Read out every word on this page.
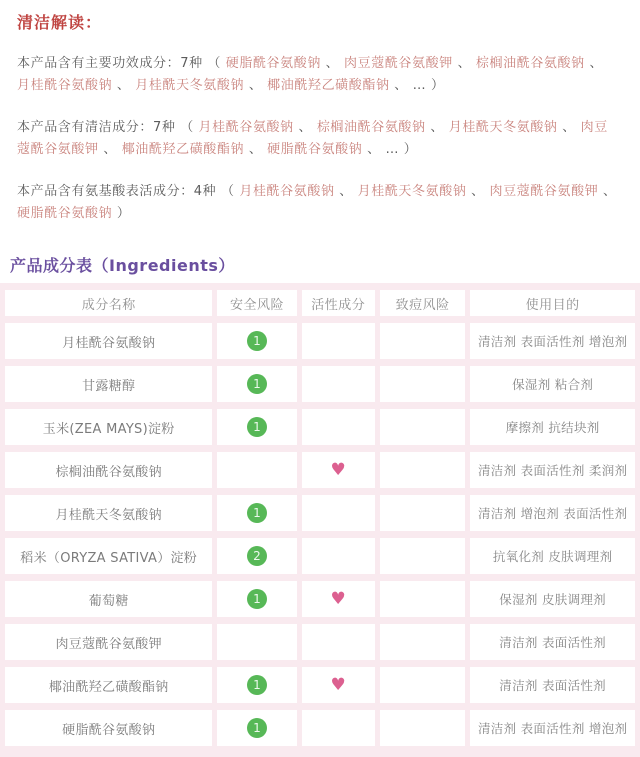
清洁解读：

本产品含有主要功效成分：7种 （ 硬脂酰谷氨酸钠 、 肉豆蔻酰谷氨酸钾 、 棕榈油酰谷氨酸钠 、 月桂酰谷氨酸钠 、 月桂酰天冬氨酸钠 、 椰油酰羟乙磺酸酯钠 、 … ）

本产品含有清洁成分：7种 （ 月桂酰谷氨酸钠 、 棕榈油酰谷氨酸钠 、 月桂酰天冬氨酸钠 、 肉豆蔻酰谷氨酸钾 、 椰油酰羟乙磺酸酯钠 、 硬脂酰谷氨酸钠 、 … ）

本产品含有氨基酸表活成分：4种 （ 月桂酰谷氨酸钠 、 月桂酰天冬氨酸钠 、 肉豆蔻酰谷氨酸钾 、 硬脂酰谷氨酸钠 ）

产品成分表（Ingredients）
成分名称	安全风险	活性成分	致痘风险	使用目的
月桂酰谷氨酸钠	1			清洁剂 表面活性剂 增泡剂
甘露糖醇	1			保湿剂 粘合剂
玉米(ZEA MAYS)淀粉	1			摩擦剂 抗结块剂
棕榈油酰谷氨酸钠		♥		清洁剂 表面活性剂 柔润剂
月桂酰天冬氨酸钠	1			清洁剂 增泡剂 表面活性剂
稻米（ORYZA SATIVA）淀粉	2			抗氧化剂 皮肤调理剂
葡萄糖	1	♥		保湿剂 皮肤调理剂
肉豆蔻酰谷氨酸钾				清洁剂 表面活性剂
椰油酰羟乙磺酸酯钠	1	♥		清洁剂 表面活性剂
硬脂酰谷氨酸钠	1			清洁剂 表面活性剂 增泡剂
